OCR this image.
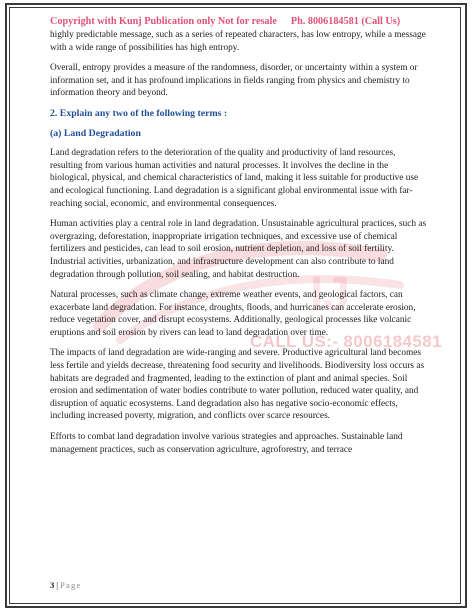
Copyright with Kunj Publication only Not for resale Ph. 8006184581 (Call Us)
IJ
CALL US:- 8006184581

highly predictable message, such as a series of repeated characters, has low entropy, while a message with a wide range of possibilities has high entropy.

Overall, entropy provides a measure of the randomness, disorder, or uncertainty within a system or information set, and it has profound implications in fields ranging from physics and chemistry to information theory and beyond.

2. Explain any two of the following terms :
(a) Land Degradation

Land degradation refers to the deterioration of the quality and productivity of land resources, resulting from various human activities and natural processes. It involves the decline in the biological, physical, and chemical characteristics of land, making it less suitable for productive use and ecological functioning. Land degradation is a significant global environmental issue with far-reaching social, economic, and environmental consequences.

Human activities play a central role in land degradation. Unsustainable agricultural practices, such as overgrazing, deforestation, inappropriate irrigation techniques, and excessive use of chemical fertilizers and pesticides, can lead to soil erosion, nutrient depletion, and loss of soil fertility. Industrial activities, urbanization, and infrastructure development can also contribute to land degradation through pollution, soil sealing, and habitat destruction.

Natural processes, such as climate change, extreme weather events, and geological factors, can exacerbate land degradation. For instance, droughts, floods, and hurricanes can accelerate erosion, reduce vegetation cover, and disrupt ecosystems. Additionally, geological processes like volcanic eruptions and soil erosion by rivers can lead to land degradation over time.

The impacts of land degradation are wide-ranging and severe. Productive agricultural land becomes less fertile and yields decrease, threatening food security and livelihoods. Biodiversity loss occurs as habitats are degraded and fragmented, leading to the extinction of plant and animal species. Soil erosion and sedimentation of water bodies contribute to water pollution, reduced water quality, and disruption of aquatic ecosystems. Land degradation also has negative socio-economic effects, including increased poverty, migration, and conflicts over scarce resources.

Efforts to combat land degradation involve various strategies and approaches. Sustainable land management practices, such as conservation agriculture, agroforestry, and terrace

3 | Page
